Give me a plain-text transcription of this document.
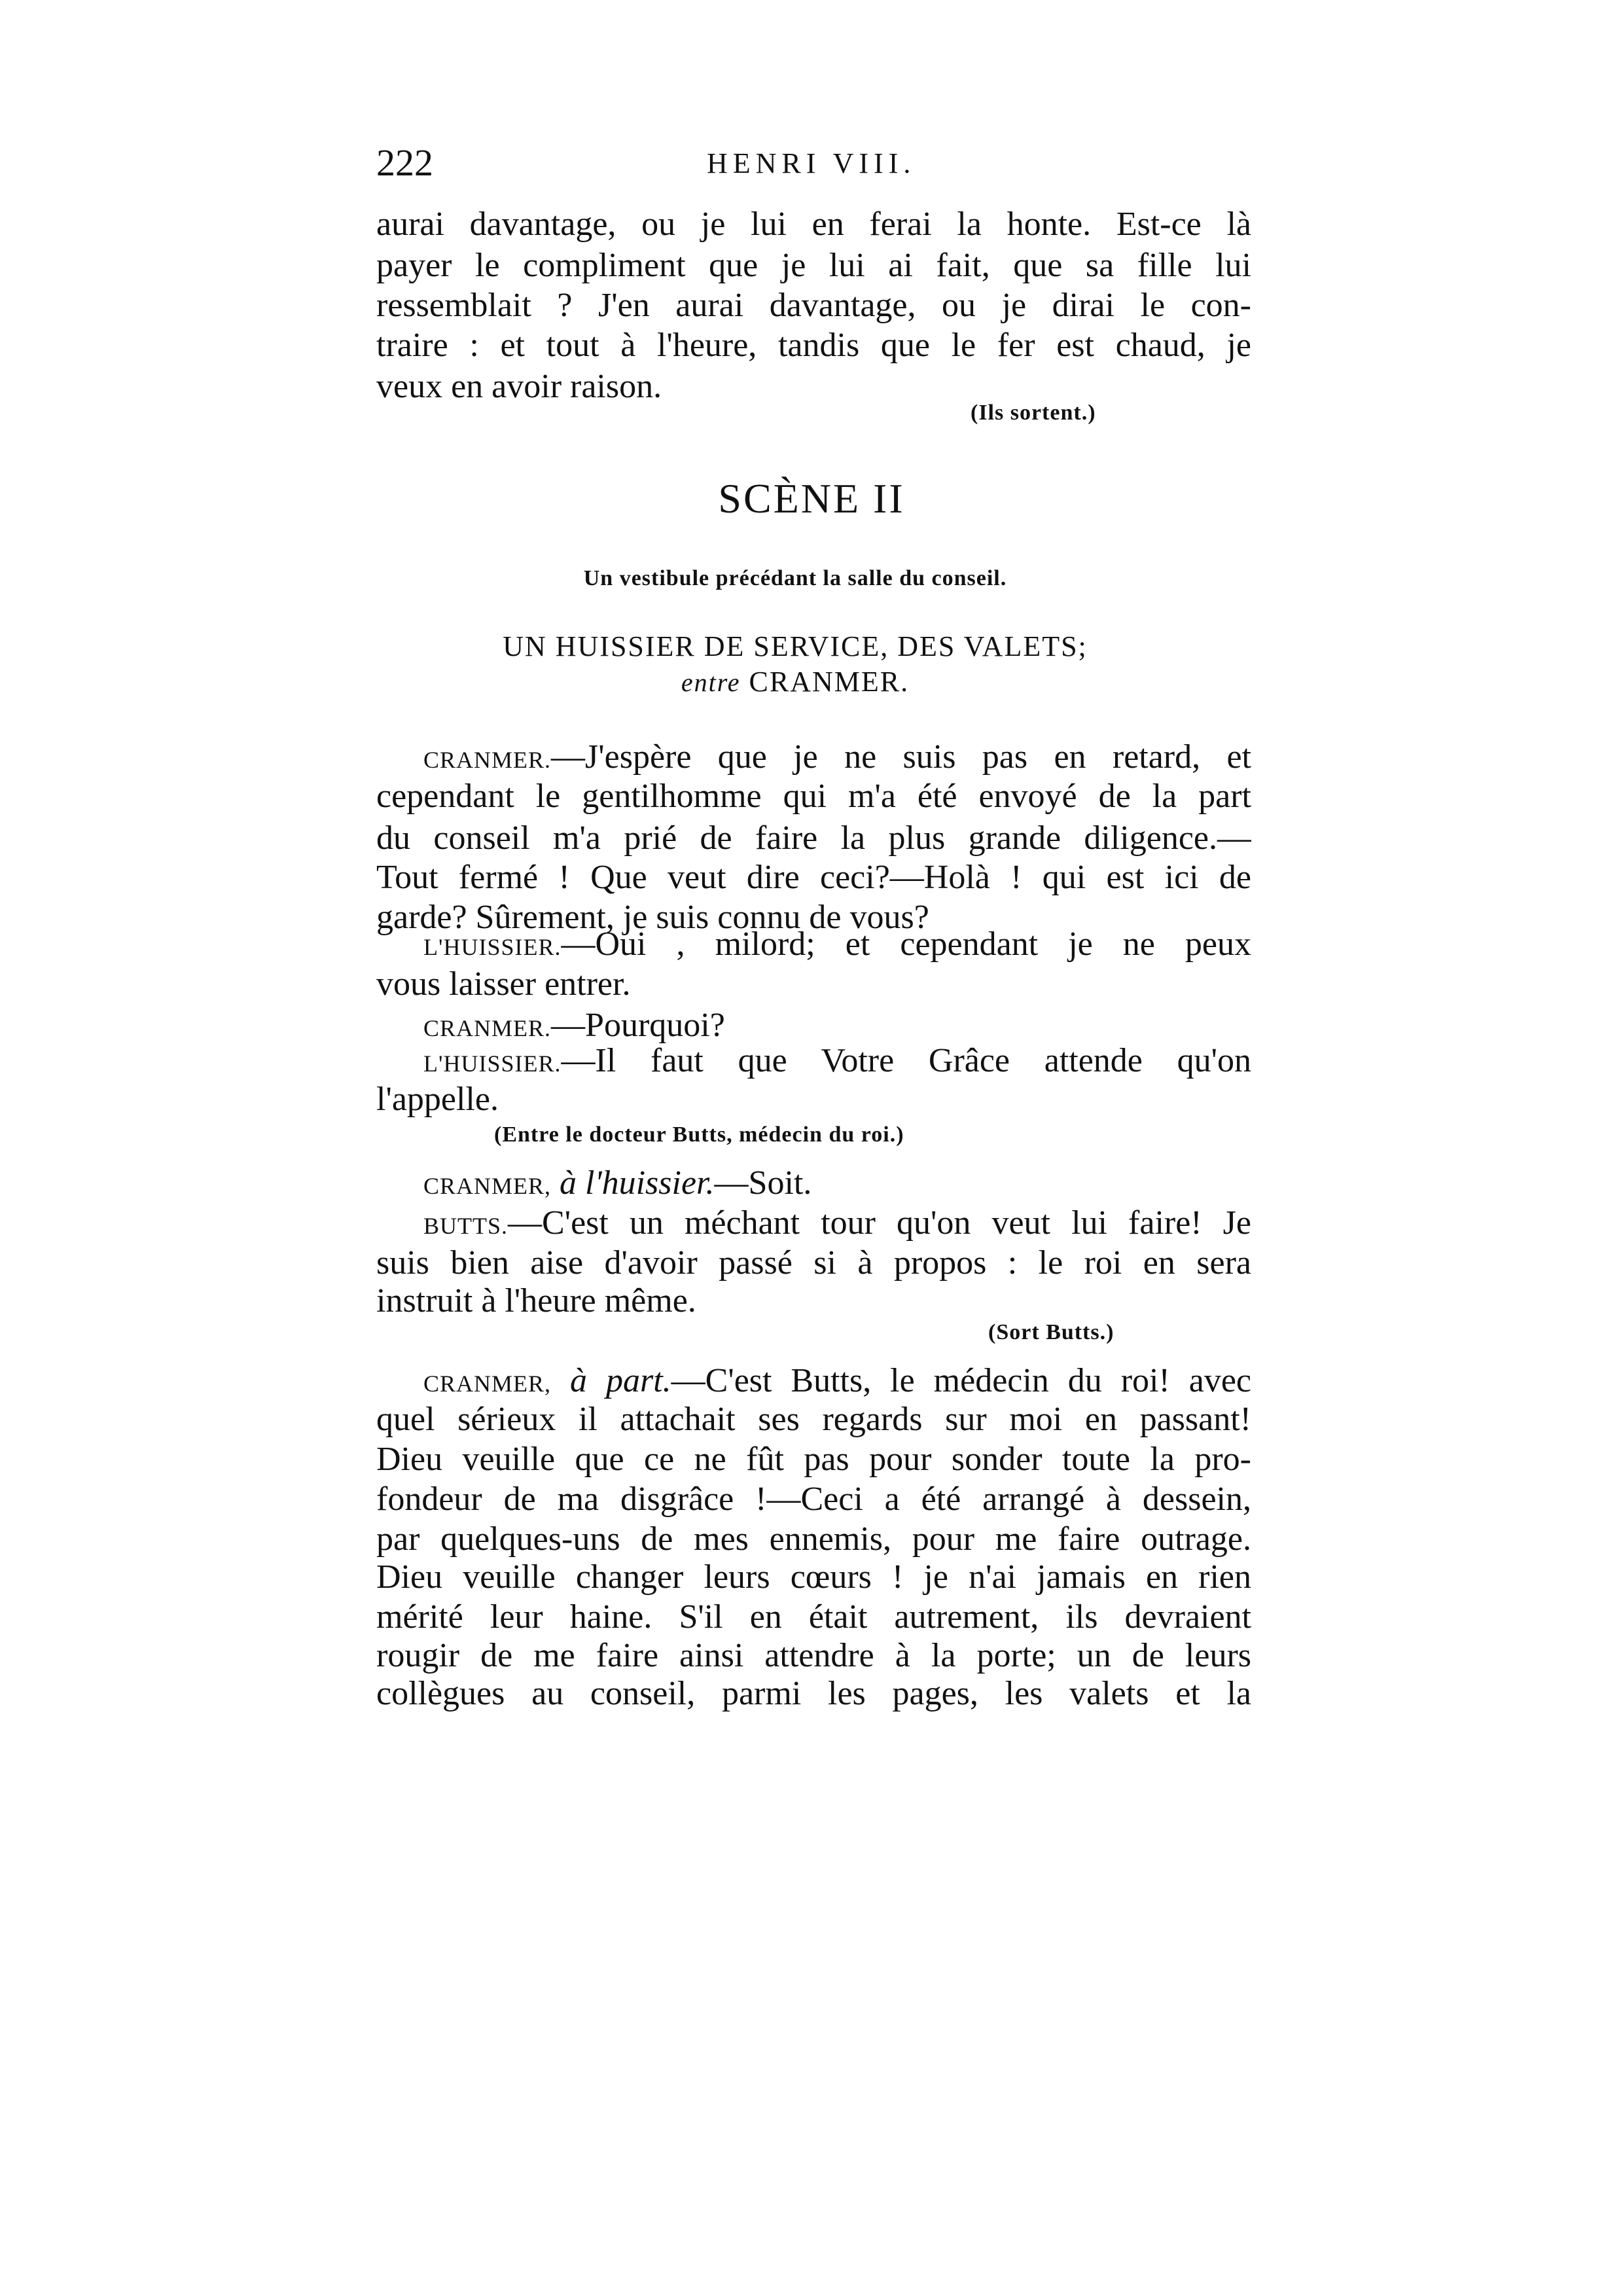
222	HENRI VIII.
aurai davantage, ou je lui en ferai la honte. Est-ce là
payer le compliment que je lui ai fait, que sa fille lui
ressemblait ? J'en aurai davantage, ou je dirai le con-
traire : et tout à l'heure, tandis que le fer est chaud, je
veux en avoir raison.
(Ils sortent.)
SCÈNE II
Un vestibule précédant la salle du conseil.
UN HUISSIER DE SERVICE, DES VALETS;
entre CRANMER.
CRANMER.—J'espère que je ne suis pas en retard, et
cependant le gentilhomme qui m'a été envoyé de la part
du conseil m'a prié de faire la plus grande diligence.—
Tout fermé ! Que veut dire ceci?—Holà ! qui est ici de
garde? Sûrement, je suis connu de vous?
L'HUISSIER.—Oui , milord; et cependant je ne peux
vous laisser entrer.
CRANMER.—Pourquoi?
L'HUISSIER.—Il faut que Votre Grâce attende qu'on
l'appelle.
(Entre le docteur Butts, médecin du roi.)
CRANMER, à l'huissier.—Soit.
BUTTS.—C'est un méchant tour qu'on veut lui faire! Je
suis bien aise d'avoir passé si à propos : le roi en sera
instruit à l'heure même.
(Sort Butts.)
CRANMER, à part.—C'est Butts, le médecin du roi! avec
quel sérieux il attachait ses regards sur moi en passant!
Dieu veuille que ce ne fût pas pour sonder toute la pro-
fondeur de ma disgrâce !—Ceci a été arrangé à dessein,
par quelques-uns de mes ennemis, pour me faire outrage.
Dieu veuille changer leurs cœurs ! je n'ai jamais en rien
mérité leur haine. S'il en était autrement, ils devraient
rougir de me faire ainsi attendre à la porte; un de leurs
collègues au conseil, parmi les pages, les valets et la
